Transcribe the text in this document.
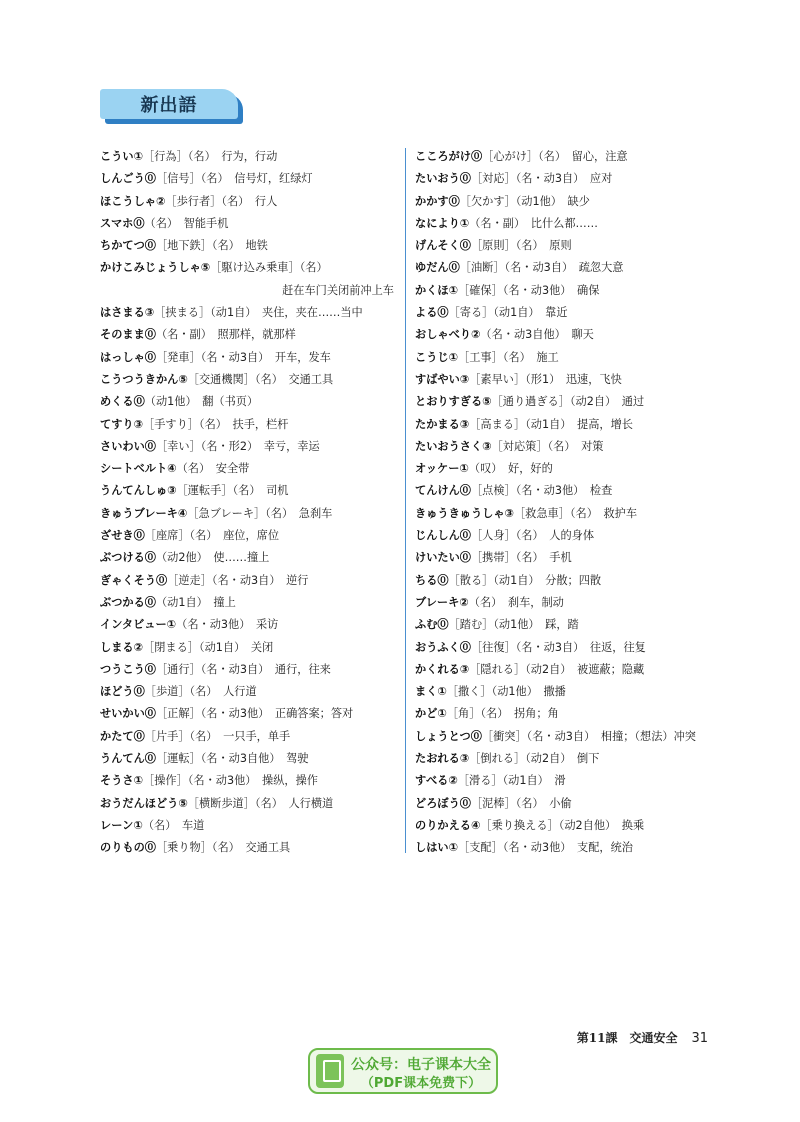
新出語
こうい①［行為］（名）　行为，行动
しんごう⓪［信号］（名）　信号灯，红绿灯
ほこうしゃ②［歩行者］（名）　行人
スマホ⓪（名）　智能手机
ちかてつ⓪［地下鉄］（名）　地铁
かけこみじょうしゃ⑤［駆け込み乗車］（名）
赶在车门关闭前冲上车
はさまる③［挟まる］（动1自）　夹住，夹在……当中
そのまま⓪（名・副）　照那样，就那样
はっしゃ⓪［発車］（名・动3自）　开车，发车
こうつうきかん⑤［交通機関］（名）　交通工具
めくる⓪（动1他）　翻（书页）
てすり③［手すり］（名）　扶手，栏杆
さいわい⓪［幸い］（名・形2）　幸亏，幸运
シートベルト④（名）　安全带
うんてんしゅ③［運転手］（名）　司机
きゅうブレーキ④［急ブレーキ］（名）　急刹车
ざせき⓪［座席］（名）　座位，席位
ぶつける⓪（动2他）　使……撞上
ぎゃくそう⓪［逆走］（名・动3自）　逆行
ぶつかる⓪（动1自）　撞上
インタビュー①（名・动3他）　采访
しまる②［閉まる］（动1自）　关闭
つうこう⓪［通行］（名・动3自）　通行，往来
ほどう⓪［歩道］（名）　人行道
せいかい⓪［正解］（名・动3他）　正确答案；答对
かたて⓪［片手］（名）　一只手，单手
うんてん⓪［運転］（名・动3自他）　驾驶
そうさ①［操作］（名・动3他）　操纵，操作
おうだんほどう⑤［横断歩道］（名）　人行横道
レーン①（名）　车道
のりもの⓪［乗り物］（名）　交通工具
こころがけ⓪［心がけ］（名）　留心，注意
たいおう⓪［対応］（名・动3自）　应对
かかす⓪［欠かす］（动1他）　缺少
なにより①（名・副）　比什么都……
げんそく⓪［原則］（名）　原则
ゆだん⓪［油断］（名・动3自）　疏忽大意
かくほ①［確保］（名・动3他）　确保
よる⓪［寄る］（动1自）　靠近
おしゃべり②（名・动3自他）　聊天
こうじ①［工事］（名）　施工
すばやい③［素早い］（形1）　迅速，飞快
とおりすぎる⑤［通り過ぎる］（动2自）　通过
たかまる③［高まる］（动1自）　提高，增长
たいおうさく③［対応策］（名）　对策
オッケー①（叹）　好，好的
てんけん⓪［点検］（名・动3他）　检查
きゅうきゅうしゃ③［救急車］（名）　救护车
じんしん⓪［人身］（名）　人的身体
けいたい⓪［携帯］（名）　手机
ちる⓪［散る］（动1自）　分散；四散
ブレーキ②（名）　刹车，制动
ふむ⓪［踏む］（动1他）　踩，踏
おうふく⓪［往復］（名・动3自）　往返，往复
かくれる③［隠れる］（动2自）　被遮蔽；隐藏
まく①［撒く］（动1他）　撒播
かど①［角］（名）　拐角；角
しょうとつ⓪［衝突］（名・动3自）　相撞；（想法）冲突
たおれる③［倒れる］（动2自）　倒下
すべる②［滑る］（动1自）　滑
どろぼう⓪［泥棒］（名）　小偷
のりかえる④［乗り換える］（动2自他）　换乘
しはい①［支配］（名・动3他）　支配，统治
第11課　交通安全 31
公众号：电子课本大全
（PDF课本免费下）
